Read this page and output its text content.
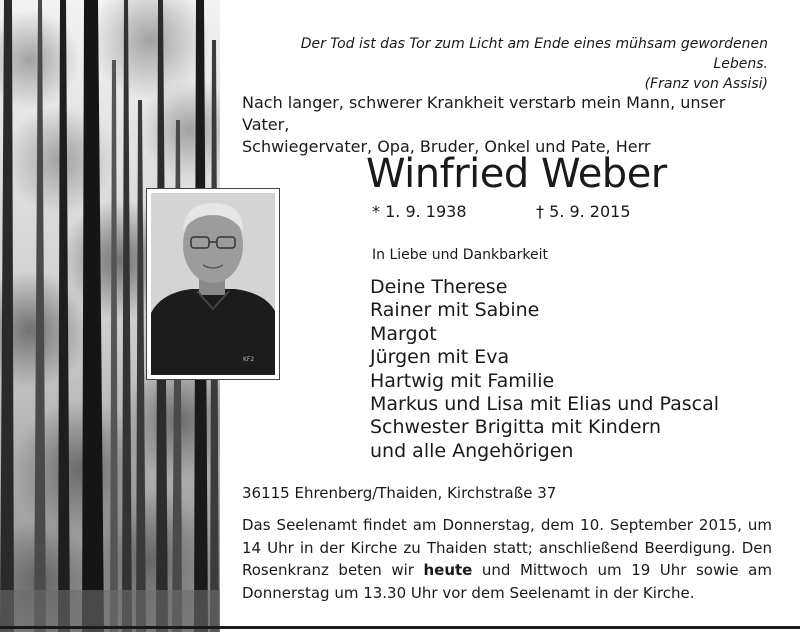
KF2
Der Tod ist das Tor zum Licht am Ende eines mühsam gewordenen Lebens.
(Franz von Assisi)
Nach langer, schwerer Krankheit verstarb mein Mann, unser Vater,
Schwiegervater, Opa, Bruder, Onkel und Pate, Herr
Winfried Weber
* 1. 9. 1938	† 5. 9. 2015
In Liebe und Dankbarkeit
Deine Therese
Rainer mit Sabine
Margot
Jürgen mit Eva
Hartwig mit Familie
Markus und Lisa mit Elias und Pascal
Schwester Brigitta mit Kindern
und alle Angehörigen
36115 Ehrenberg/Thaiden, Kirchstraße 37
Das Seelenamt findet am Donnerstag, dem 10. September 2015, um 14 Uhr in der Kirche zu Thaiden statt; anschließend Beerdigung. Den Rosenkranz beten wir heute und Mittwoch um 19 Uhr sowie am Donnerstag um 13.30 Uhr vor dem Seelenamt in der Kirche.
